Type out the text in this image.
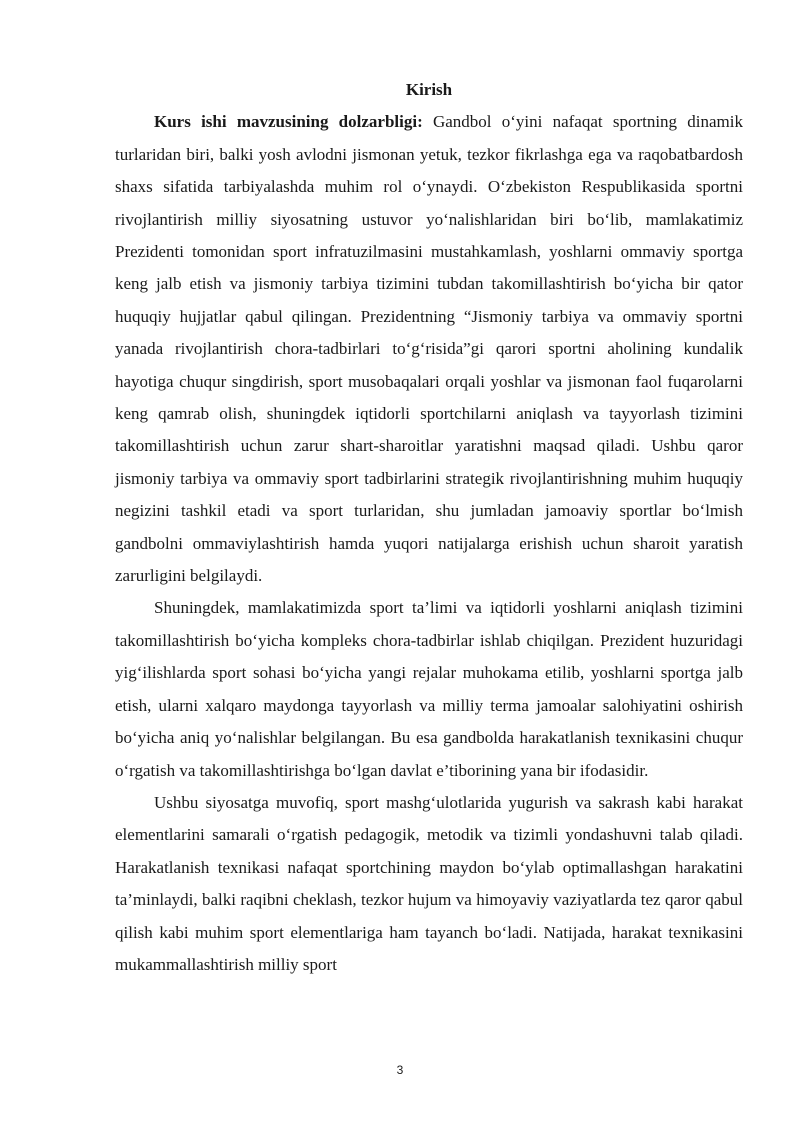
Kirish

Kurs ishi mavzusining dolzarbligi: Gandbol o‘yini nafaqat sportning dinamik turlaridan biri, balki yosh avlodni jismonan yetuk, tezkor fikrlashga ega va raqobatbardosh shaxs sifatida tarbiyalashda muhim rol o‘ynaydi. O‘zbekiston Respublikasida sportni rivojlantirish milliy siyosatning ustuvor yo‘nalishlaridan biri bo‘lib, mamlakatimiz Prezidenti tomonidan sport infratuzilmasini mustahkamlash, yoshlarni ommaviy sportga keng jalb etish va jismoniy tarbiya tizimini tubdan takomillashtirish bo‘yicha bir qator huquqiy hujjatlar qabul qilingan. Prezidentning “Jismoniy tarbiya va ommaviy sportni yanada rivojlantirish chora-tadbirlari to‘g‘risida”gi qarori sportni aholining kundalik hayotiga chuqur singdirish, sport musobaqalari orqali yoshlar va jismonan faol fuqarolarni keng qamrab olish, shuningdek iqtidorli sportchilarni aniqlash va tayyorlash tizimini takomillashtirish uchun zarur shart-sharoitlar yaratishni maqsad qiladi. Ushbu qaror jismoniy tarbiya va ommaviy sport tadbirlarini strategik rivojlantirishning muhim huquqiy negizini tashkil etadi va sport turlaridan, shu jumladan jamoaviy sportlar bo‘lmish gandbolni ommaviylashtirish hamda yuqori natijalarga erishish uchun sharoit yaratish zarurligini belgilaydi.

Shuningdek, mamlakatimizda sport ta’limi va iqtidorli yoshlarni aniqlash tizimini takomillashtirish bo‘yicha kompleks chora-tadbirlar ishlab chiqilgan. Prezident huzuridagi yig‘ilishlarda sport sohasi bo‘yicha yangi rejalar muhokama etilib, yoshlarni sportga jalb etish, ularni xalqaro maydonga tayyorlash va milliy terma jamoalar salohiyatini oshirish bo‘yicha aniq yo‘nalishlar belgilangan. Bu esa gandbolda harakatlanish texnikasini chuqur o‘rgatish va takomillashtirishga bo‘lgan davlat e’tiborining yana bir ifodasidir.

Ushbu siyosatga muvofiq, sport mashg‘ulotlarida yugurish va sakrash kabi harakat elementlarini samarali o‘rgatish pedagogik, metodik va tizimli yondashuvni talab qiladi. Harakatlanish texnikasi nafaqat sportchining maydon bo‘ylab optimallashgan harakatini ta’minlaydi, balki raqibni cheklash, tezkor hujum va himoyaviy vaziyatlarda tez qaror qabul qilish kabi muhim sport elementlariga ham tayanch bo‘ladi. Natijada, harakat texnikasini mukammallashtirish milliy sport

3
